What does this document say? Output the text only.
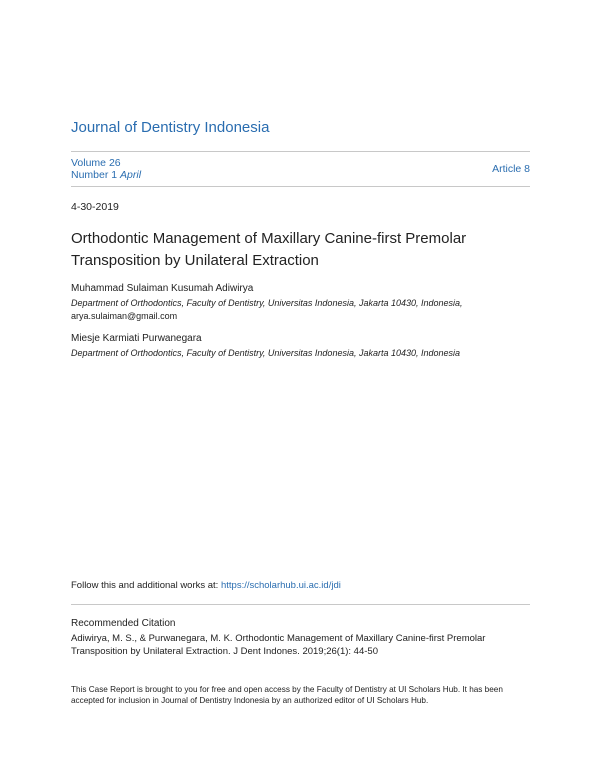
Journal of Dentistry Indonesia
Volume 26
Number 1 April	Article 8
4-30-2019
Orthodontic Management of Maxillary Canine-first Premolar Transposition by Unilateral Extraction
Muhammad Sulaiman Kusumah Adiwirya
Department of Orthodontics, Faculty of Dentistry, Universitas Indonesia, Jakarta 10430, Indonesia,
arya.sulaiman@gmail.com
Miesje Karmiati Purwanegara
Department of Orthodontics, Faculty of Dentistry, Universitas Indonesia, Jakarta 10430, Indonesia
Follow this and additional works at: https://scholarhub.ui.ac.id/jdi
Recommended Citation
Adiwirya, M. S., & Purwanegara, M. K. Orthodontic Management of Maxillary Canine-first Premolar Transposition by Unilateral Extraction. J Dent Indones. 2019;26(1): 44-50
This Case Report is brought to you for free and open access by the Faculty of Dentistry at UI Scholars Hub. It has been accepted for inclusion in Journal of Dentistry Indonesia by an authorized editor of UI Scholars Hub.
